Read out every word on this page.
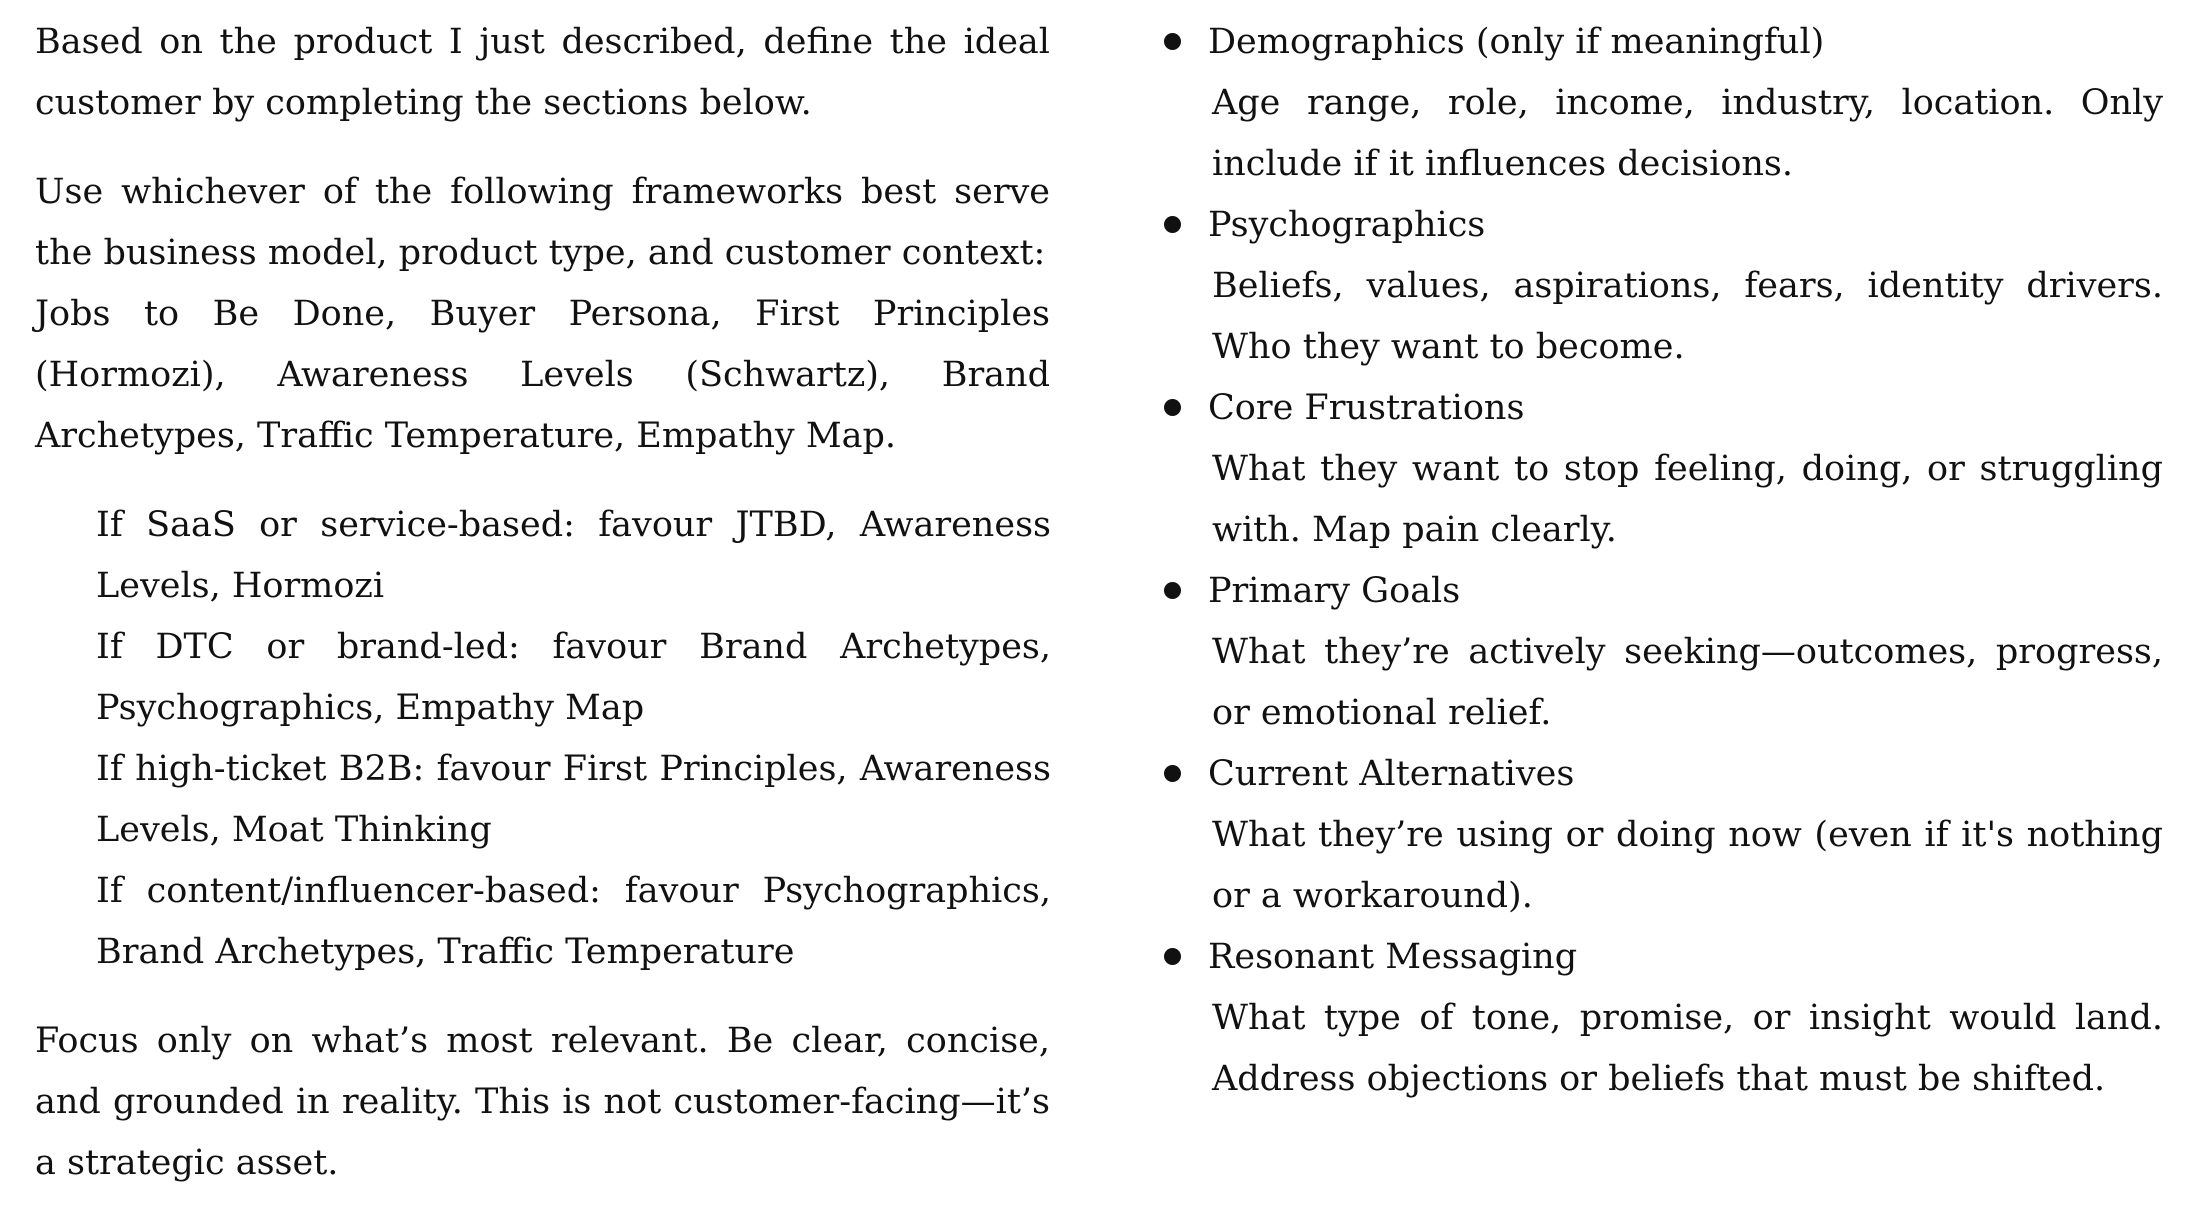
Based on the product I just described, define the ideal customer by completing the sections below.

Use whichever of the following frameworks best serve the business model, product type, and customer context:

Jobs to Be Done, Buyer Persona, First Principles (Hormozi), Awareness Levels (Schwartz), Brand Archetypes, Traffic Temperature, Empathy Map.

If SaaS or service-based: favour JTBD, Awareness Levels, Hormozi

If DTC or brand-led: favour Brand Archetypes, Psychographics, Empathy Map

If high-ticket B2B: favour First Principles, Awareness Levels, Moat Thinking

If content/influencer-based: favour Psychographics, Brand Archetypes, Traffic Temperature

Focus only on what’s most relevant. Be clear, concise, and grounded in reality. This is not customer-facing—it’s a strategic asset.

Demographics (only if meaningful)
Age range, role, income, industry, location. Only include if it influences decisions.
Psychographics
Beliefs, values, aspirations, fears, identity drivers. Who they want to become.
Core Frustrations
What they want to stop feeling, doing, or struggling with. Map pain clearly.
Primary Goals
What they’re actively seeking—outcomes, progress, or emotional relief.
Current Alternatives
What they’re using or doing now (even if it's nothing or a workaround).
Resonant Messaging
What type of tone, promise, or insight would land. Address objections or beliefs that must be shifted.
